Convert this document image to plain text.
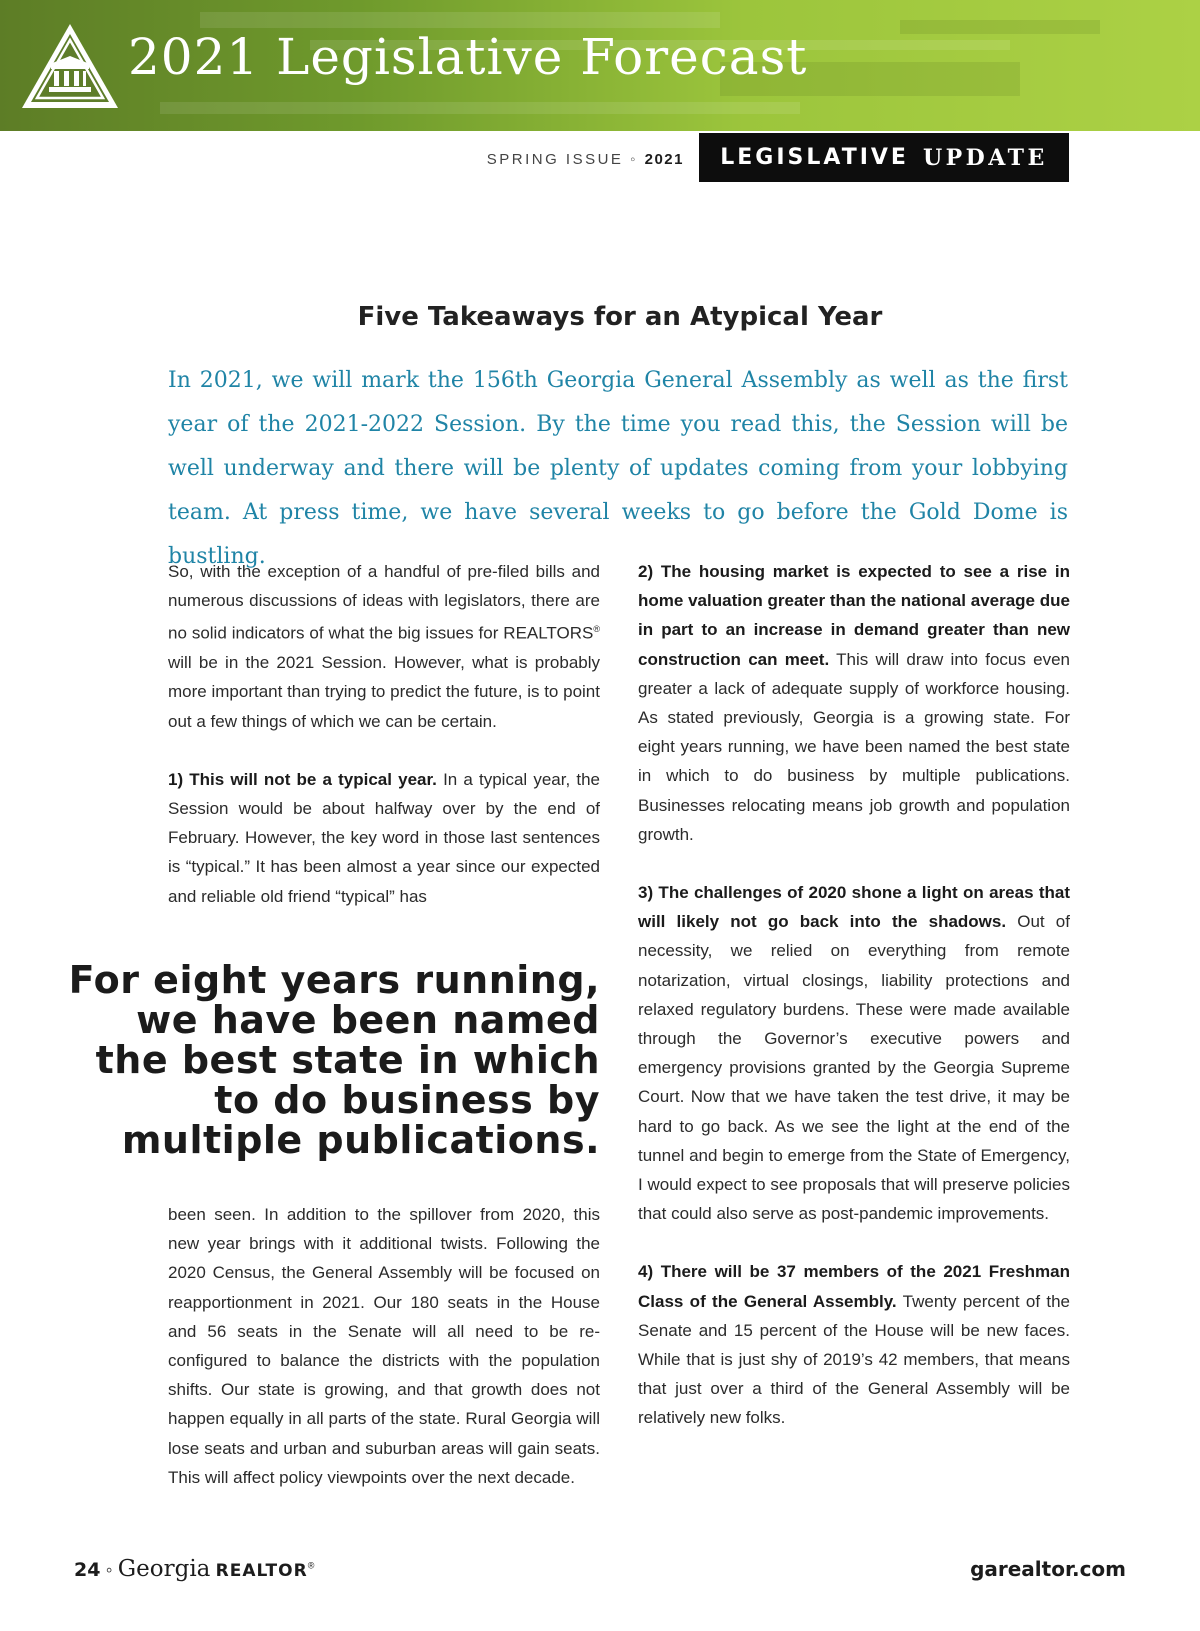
2021 Legislative Forecast
SPRING ISSUE ◦ 2021 LEGISLATIVE UPDATE
Five Takeaways for an Atypical Year
In 2021, we will mark the 156th Georgia General Assembly as well as the first year of the 2021-2022 Session. By the time you read this, the Session will be well underway and there will be plenty of updates coming from your lobbying team. At press time, we have several weeks to go before the Gold Dome is bustling.

So, with the exception of a handful of pre-filed bills and numerous discussions of ideas with legislators, there are no solid indicators of what the big issues for REALTORS® will be in the 2021 Session. However, what is probably more important than trying to predict the future, is to point out a few things of which we can be certain.

1) This will not be a typical year. In a typical year, the Session would be about halfway over by the end of February. However, the key word in those last sentences is “typical.” It has been almost a year since our expected and reliable old friend “typical” has

For eight years running, we have been named the best state in which to do business by multiple publications.

been seen. In addition to the spillover from 2020, this new year brings with it additional twists. Following the 2020 Census, the General Assembly will be focused on reapportionment in 2021. Our 180 seats in the House and 56 seats in the Senate will all need to be re-configured to balance the districts with the population shifts. Our state is growing, and that growth does not happen equally in all parts of the state. Rural Georgia will lose seats and urban and suburban areas will gain seats. This will affect policy viewpoints over the next decade.

2) The housing market is expected to see a rise in home valuation greater than the national average due in part to an increase in demand greater than new construction can meet. This will draw into focus even greater a lack of adequate supply of workforce housing. As stated previously, Georgia is a growing state. For eight years running, we have been named the best state in which to do business by multiple publications. Businesses relocating means job growth and population growth.

3) The challenges of 2020 shone a light on areas that will likely not go back into the shadows. Out of necessity, we relied on everything from remote notarization, virtual closings, liability protections and relaxed regulatory burdens. These were made available through the Governor’s executive powers and emergency provisions granted by the Georgia Supreme Court. Now that we have taken the test drive, it may be hard to go back. As we see the light at the end of the tunnel and begin to emerge from the State of Emergency, I would expect to see proposals that will preserve policies that could also serve as post-pandemic improvements.

4) There will be 37 members of the 2021 Freshman Class of the General Assembly. Twenty percent of the Senate and 15 percent of the House will be new faces. While that is just shy of 2019’s 42 members, that means that just over a third of the General Assembly will be relatively new folks.

24 ◦ Georgia REALTOR®	garealtor.com
